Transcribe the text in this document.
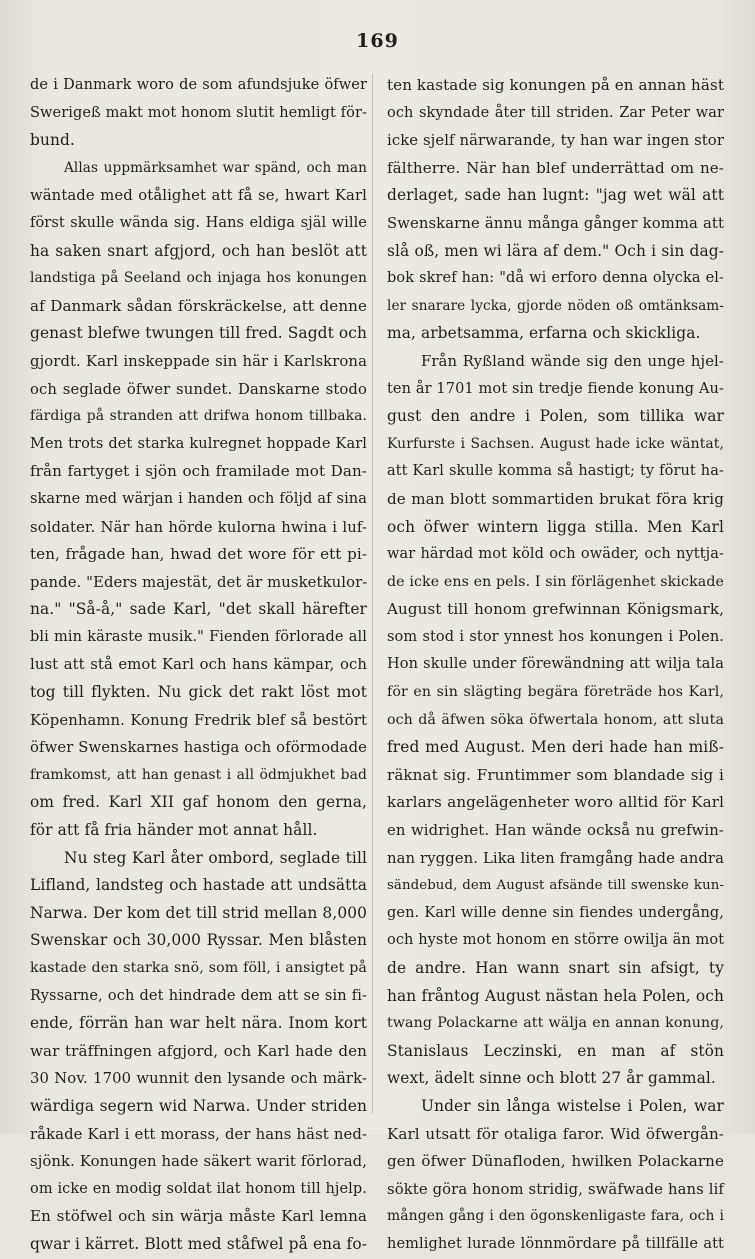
169
de i Danmark woro de som afundsjuke öfwer
Swerigeß makt mot honom slutit hemligt för-
bund.
Allas uppmärksamhet war spänd, och man
wäntade med otålighet att få se, hwart Karl
först skulle wända sig. Hans eldiga själ wille
ha saken snart afgjord, och han beslöt att
landstiga på Seeland och injaga hos konungen
af Danmark sådan förskräckelse, att denne
genast blefwe twungen till fred. Sagdt och
gjordt. Karl inskeppade sin här i Karlskrona
och seglade öfwer sundet. Danskarne stodo
färdiga på stranden att drifwa honom tillbaka.
Men trots det starka kulregnet hoppade Karl
från fartyget i sjön och framilade mot Dan-
skarne med wärjan i handen och följd af sina
soldater. När han hörde kulorna hwina i luf-
ten, frågade han, hwad det wore för ett pi-
pande. "Eders majestät, det är musketkulor-
na." "Så-å," sade Karl, "det skall härefter
bli min käraste musik." Fienden förlorade all
lust att stå emot Karl och hans kämpar, och
tog till flykten. Nu gick det rakt löst mot
Köpenhamn. Konung Fredrik blef så bestört
öfwer Swenskarnes hastiga och oförmodade
framkomst, att han genast i all ödmjukhet bad
om fred. Karl XII gaf honom den gerna,
för att få fria händer mot annat håll.
Nu steg Karl åter ombord, seglade till
Lifland, landsteg och hastade att undsätta
Narwa. Der kom det till strid mellan 8,000
Swenskar och 30,000 Ryssar. Men blåsten
kastade den starka snö, som föll, i ansigtet på
Ryssarne, och det hindrade dem att se sin fi-
ende, förrän han war helt nära. Inom kort
war träffningen afgjord, och Karl hade den
30 Nov. 1700 wunnit den lysande och märk-
wärdiga segern wid Narwa. Under striden
råkade Karl i ett morass, der hans häst ned-
sjönk. Konungen hade säkert warit förlorad,
om icke en modig soldat ilat honom till hjelp.
En stöfwel och sin wärja måste Karl lemna
qwar i kärret. Blott med ståfwel på ena fo-
ten kastade sig konungen på en annan häst
och skyndade åter till striden. Zar Peter war
icke sjelf närwarande, ty han war ingen stor
fältherre. När han blef underrättad om ne-
derlaget, sade han lugnt: "jag wet wäl att
Swenskarne ännu många gånger komma att
slå oß, men wi lära af dem." Och i sin dag-
bok skref han: "då wi erforo denna olycka el-
ler snarare lycka, gjorde nöden oß omtänksam-
ma, arbetsamma, erfarna och skickliga.
Från Ryßland wände sig den unge hjel-
ten år 1701 mot sin tredje fiende konung Au-
gust den andre i Polen, som tillika war
Kurfurste i Sachsen. August hade icke wäntat,
att Karl skulle komma så hastigt; ty förut ha-
de man blott sommartiden brukat föra krig
och öfwer wintern ligga stilla. Men Karl
war härdad mot köld och owäder, och nyttja-
de icke ens en pels. I sin förlägenhet skickade
August till honom grefwinnan Königsmark,
som stod i stor ynnest hos konungen i Polen.
Hon skulle under förewändning att wilja tala
för en sin slägting begära företräde hos Karl,
och då äfwen söka öfwertala honom, att sluta
fred med August. Men deri hade han miß-
räknat sig. Fruntimmer som blandade sig i
karlars angelägenheter woro alltid för Karl
en widrighet. Han wände också nu grefwin-
nan ryggen. Lika liten framgång hade andra
sändebud, dem August afsände till swenske kun-
gen. Karl wille denne sin fiendes undergång,
och hyste mot honom en större owilja än mot
de andre. Han wann snart sin afsigt, ty
han fråntog August nästan hela Polen, och
twang Polackarne att wälja en annan konung,
Stanislaus Leczinski, en man af stön
wext, ädelt sinne och blott 27 år gammal.
Under sin långa wistelse i Polen, war
Karl utsatt för otaliga faror. Wid öfwergån-
gen öfwer Dünafloden, hwilken Polackarne
sökte göra honom stridig, swäfwade hans lif
mången gång i den ögonskenligaste fara, och i
hemlighet lurade lönnmördare på tillfälle att
